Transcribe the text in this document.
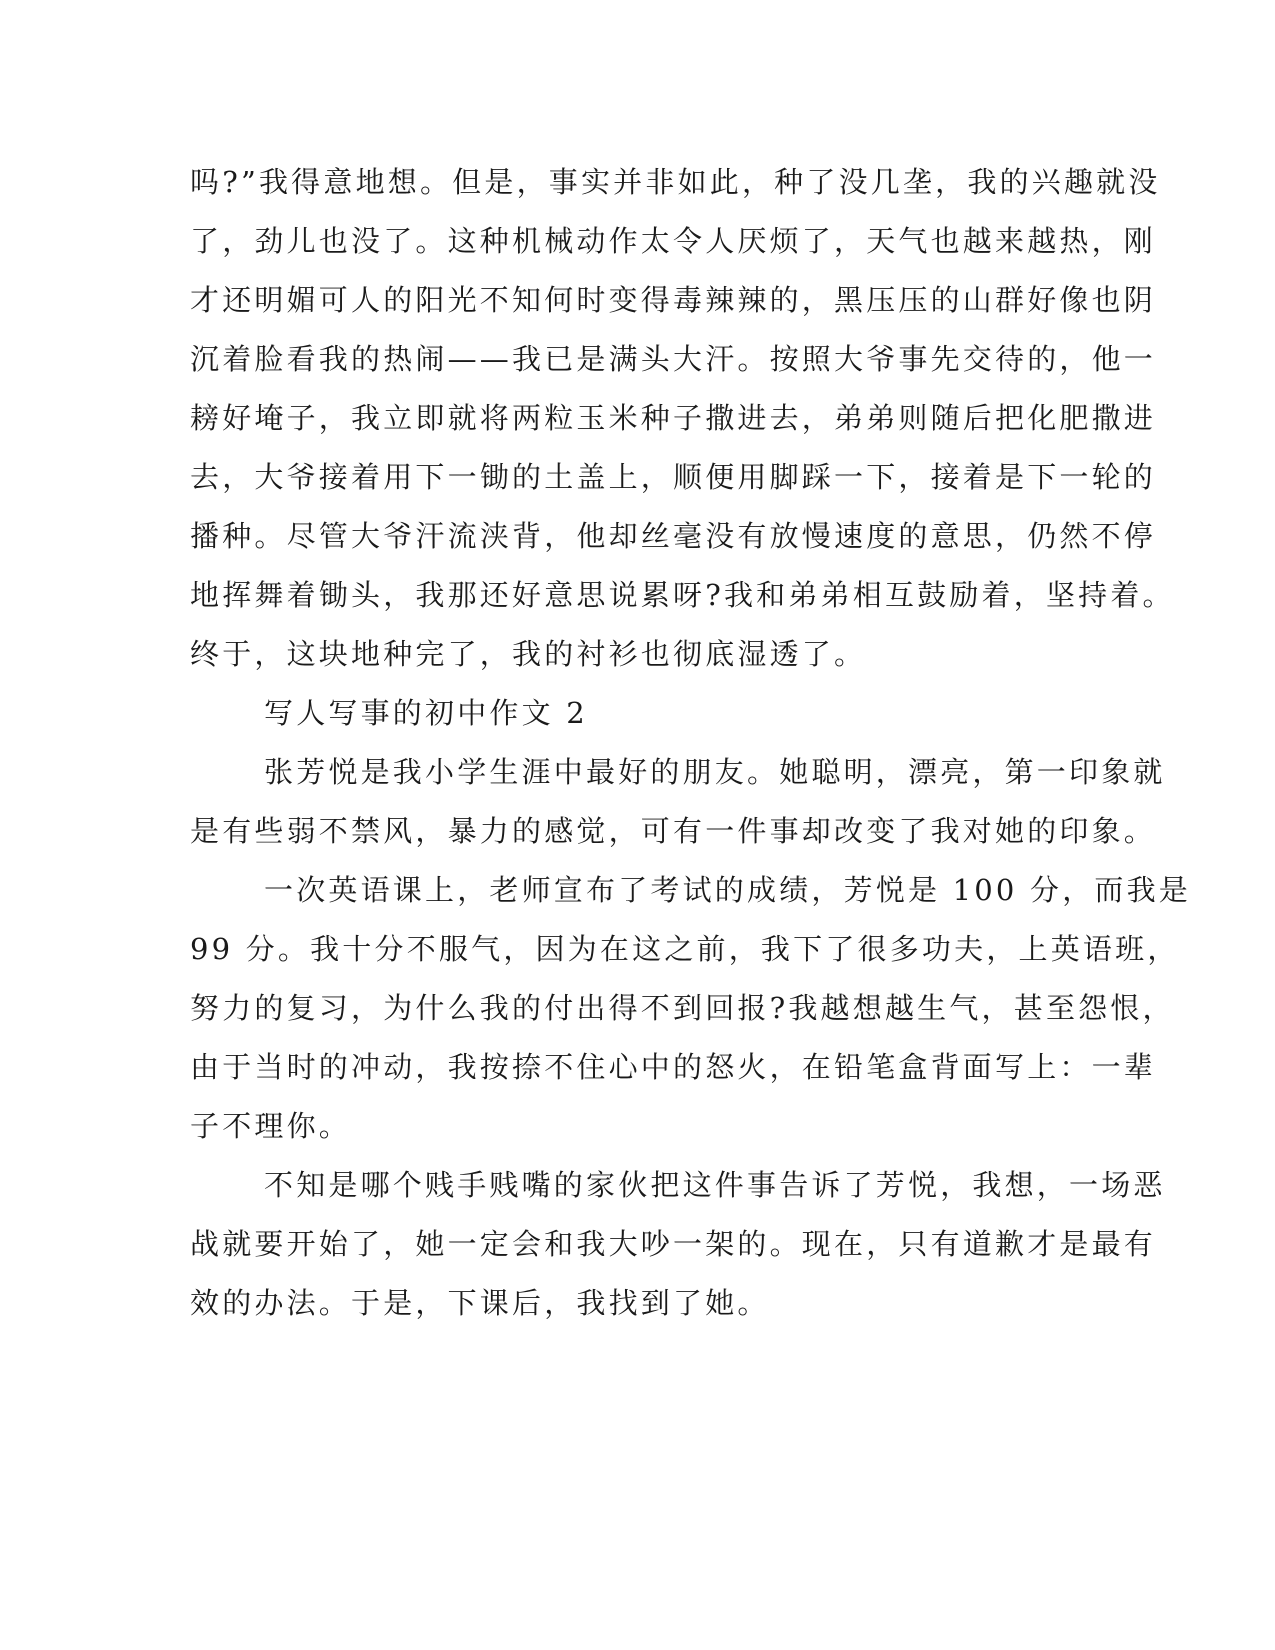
吗?”我得意地想。但是，事实并非如此，种了没几垄，我的兴趣就没

了，劲儿也没了。这种机械动作太令人厌烦了，天气也越来越热，刚

才还明媚可人的阳光不知何时变得毒辣辣的，黑压压的山群好像也阴

沉着脸看我的热闹——我已是满头大汗。按照大爷事先交待的，他一

耪好埯子，我立即就将两粒玉米种子撒进去，弟弟则随后把化肥撒进

去，大爷接着用下一锄的土盖上，顺便用脚踩一下，接着是下一轮的

播种。尽管大爷汗流浃背，他却丝毫没有放慢速度的意思，仍然不停

地挥舞着锄头，我那还好意思说累呀?我和弟弟相互鼓励着，坚持着。

终于，这块地种完了，我的衬衫也彻底湿透了。

写人写事的初中作文 2

张芳悦是我小学生涯中最好的朋友。她聪明，漂亮，第一印象就

是有些弱不禁风，暴力的感觉，可有一件事却改变了我对她的印象。

一次英语课上，老师宣布了考试的成绩，芳悦是 100 分，而我是

99 分。我十分不服气，因为在这之前，我下了很多功夫，上英语班，

努力的复习，为什么我的付出得不到回报?我越想越生气，甚至怨恨，

由于当时的冲动，我按捺不住心中的怒火，在铅笔盒背面写上：一辈

子不理你。

不知是哪个贱手贱嘴的家伙把这件事告诉了芳悦，我想，一场恶

战就要开始了，她一定会和我大吵一架的。现在，只有道歉才是最有

效的办法。于是，下课后，我找到了她。
